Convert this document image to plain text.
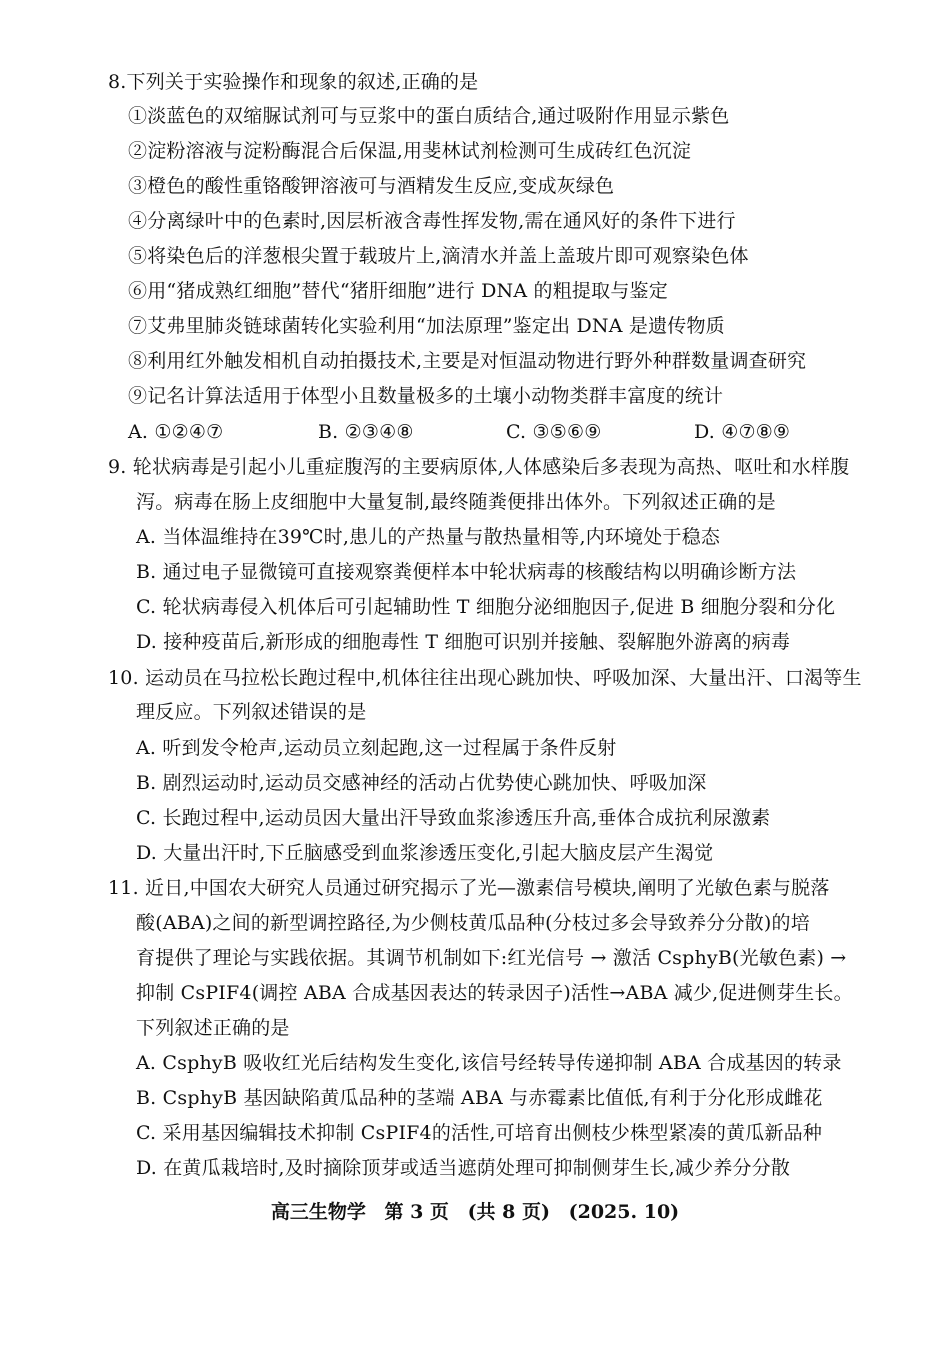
8.下列关于实验操作和现象的叙述,正确的是
①淡蓝色的双缩脲试剂可与豆浆中的蛋白质结合,通过吸附作用显示紫色
②淀粉溶液与淀粉酶混合后保温,用斐林试剂检测可生成砖红色沉淀
③橙色的酸性重铬酸钾溶液可与酒精发生反应,变成灰绿色
④分离绿叶中的色素时,因层析液含毒性挥发物,需在通风好的条件下进行
⑤将染色后的洋葱根尖置于载玻片上,滴清水并盖上盖玻片即可观察染色体
⑥用“猪成熟红细胞”替代“猪肝细胞”进行 DNA 的粗提取与鉴定
⑦艾弗里肺炎链球菌转化实验利用“加法原理”鉴定出 DNA 是遗传物质
⑧利用红外触发相机自动拍摄技术,主要是对恒温动物进行野外种群数量调查研究
⑨记名计算法适用于体型小且数量极多的土壤小动物类群丰富度的统计
A. ①②④⑦	B. ②③④⑧	C. ③⑤⑥⑨	D. ④⑦⑧⑨
9. 轮状病毒是引起小儿重症腹泻的主要病原体,人体感染后多表现为高热、呕吐和水样腹
泻。病毒在肠上皮细胞中大量复制,最终随粪便排出体外。下列叙述正确的是
A. 当体温维持在39℃时,患儿的产热量与散热量相等,内环境处于稳态
B. 通过电子显微镜可直接观察粪便样本中轮状病毒的核酸结构以明确诊断方法
C. 轮状病毒侵入机体后可引起辅助性 T 细胞分泌细胞因子,促进 B 细胞分裂和分化
D. 接种疫苗后,新形成的细胞毒性 T 细胞可识别并接触、裂解胞外游离的病毒
10. 运动员在马拉松长跑过程中,机体往往出现心跳加快、呼吸加深、大量出汗、口渴等生
理反应。下列叙述错误的是
A. 听到发令枪声,运动员立刻起跑,这一过程属于条件反射
B. 剧烈运动时,运动员交感神经的活动占优势使心跳加快、呼吸加深
C. 长跑过程中,运动员因大量出汗导致血浆渗透压升高,垂体合成抗利尿激素
D. 大量出汗时,下丘脑感受到血浆渗透压变化,引起大脑皮层产生渴觉
11. 近日,中国农大研究人员通过研究揭示了光—激素信号模块,阐明了光敏色素与脱落
酸(ABA)之间的新型调控路径,为少侧枝黄瓜品种(分枝过多会导致养分分散)的培
育提供了理论与实践依据。其调节机制如下:红光信号 → 激活 CsphyB(光敏色素) →
抑制 CsPIF4(调控 ABA 合成基因表达的转录因子)活性→ABA 减少,促进侧芽生长。
下列叙述正确的是
A. CsphyB 吸收红光后结构发生变化,该信号经转导传递抑制 ABA 合成基因的转录
B. CsphyB 基因缺陷黄瓜品种的茎端 ABA 与赤霉素比值低,有利于分化形成雌花
C. 采用基因编辑技术抑制 CsPIF4的活性,可培育出侧枝少株型紧凑的黄瓜新品种
D. 在黄瓜栽培时,及时摘除顶芽或适当遮荫处理可抑制侧芽生长,减少养分分散
高三生物学 第 3 页 (共 8 页) (2025. 10)
